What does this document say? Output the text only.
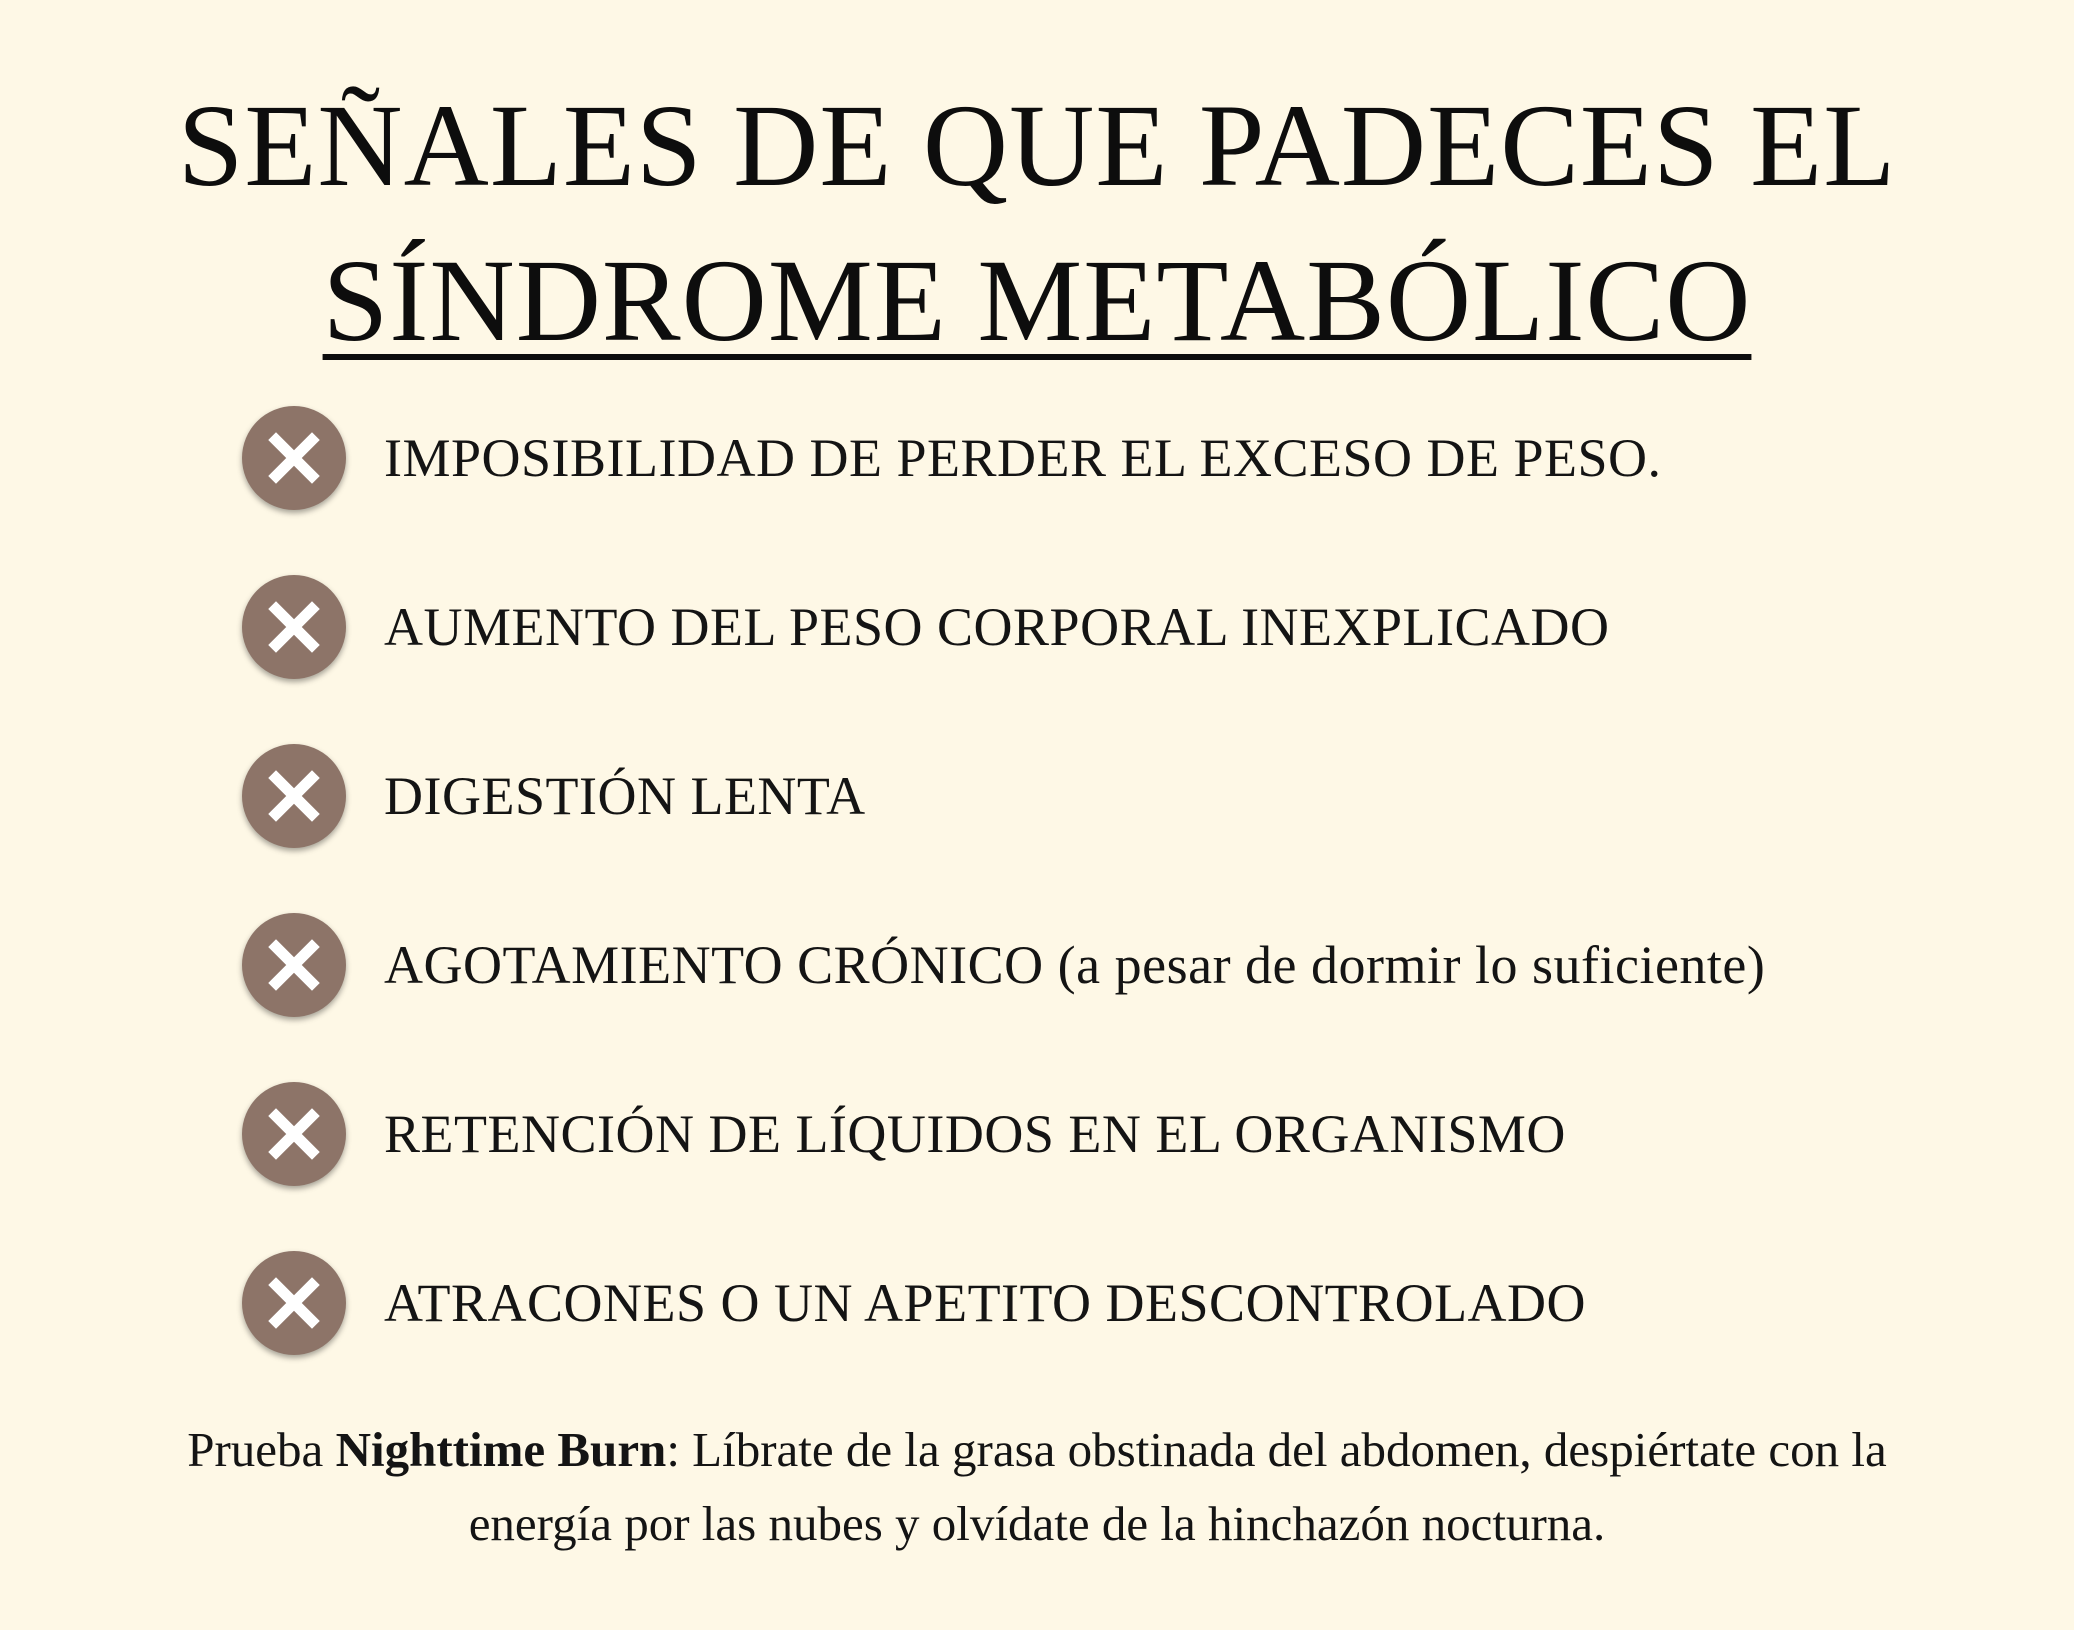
SEÑALES DE QUE PADECES EL
SÍNDROME METABÓLICO
IMPOSIBILIDAD DE PERDER EL EXCESO DE PESO.
AUMENTO DEL PESO CORPORAL INEXPLICADO
DIGESTIÓN LENTA
AGOTAMIENTO CRÓNICO (a pesar de dormir lo suficiente)
RETENCIÓN DE LÍQUIDOS EN EL ORGANISMO
ATRACONES O UN APETITO DESCONTROLADO
Prueba Nighttime Burn: Líbrate de la grasa obstinada del abdomen, despiértate con la
energía por las nubes y olvídate de la hinchazón nocturna.
